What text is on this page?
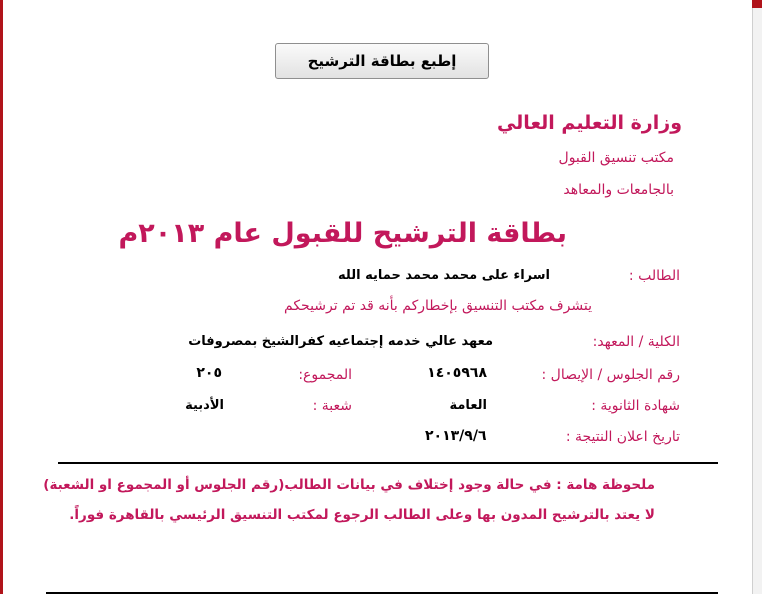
إطبع بطاقة الترشيح
وزارة التعليم العالي
مكتب تنسيق القبول
بالجامعات والمعاهد
بطاقة الترشيح للقبول عام ٢٠١٣م
الطالب :
اسراء على محمد محمد حمايه الله
يتشرف مكتب التنسيق بإخطاركم بأنه قد تم ترشيحكم
الكلية / المعهد:
معهد عالي خدمه إجتماعيه كفرالشيخ بمصروفات
رقم الجلوس / الإيصال :
١٤٠٥٩٦٨
المجموع:
٢٠٥
شهادة الثانوية :
العامة
شعبة :
الأدبية
تاريخ اعلان النتيجة :
٢٠١٣/٩/٦
ملحوظة هامة : في حالة وجود إختلاف في بيانات الطالب(رقم الجلوس أو المجموع او الشعبة)
لا يعتد بالترشيح المدون بها وعلى الطالب الرجوع لمكتب التنسيق الرئيسي بالقاهرة فوراً.
